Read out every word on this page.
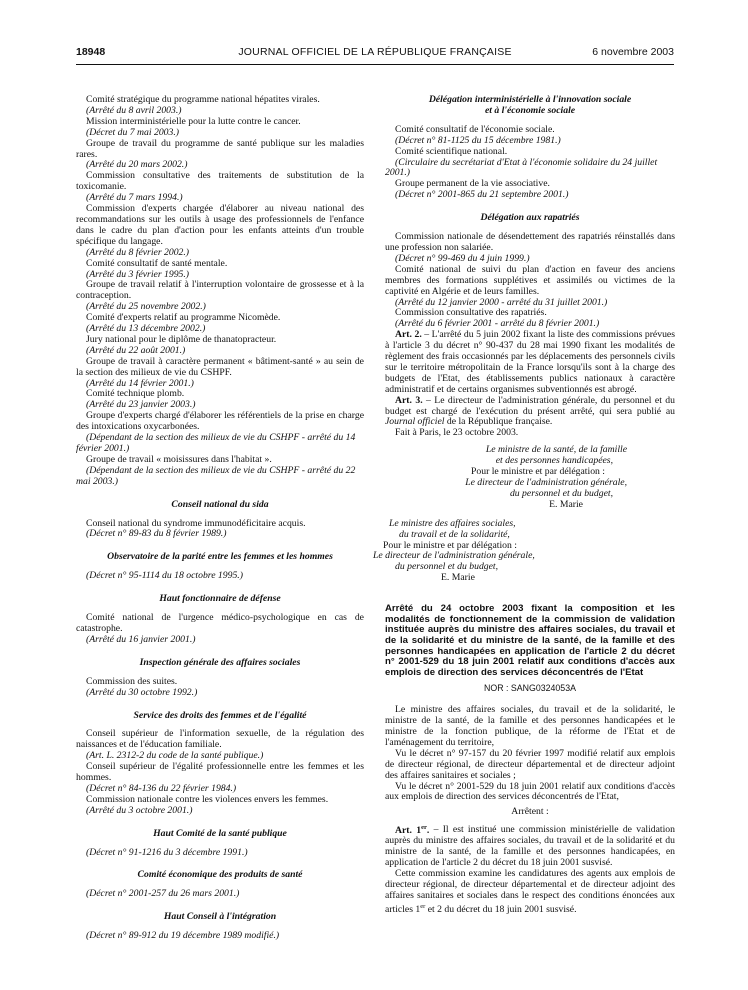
18948	JOURNAL OFFICIEL DE LA RÉPUBLIQUE FRANÇAISE	6 novembre 2003
Comité stratégique du programme national hépatites virales.
(Arrêté du 8 avril 2003.)
Mission interministérielle pour la lutte contre le cancer.
(Décret du 7 mai 2003.)
Groupe de travail du programme de santé publique sur les maladies rares.
(Arrêté du 20 mars 2002.)
Commission consultative des traitements de substitution de la toxicomanie.
(Arrêté du 7 mars 1994.)
Commission d'experts chargée d'élaborer au niveau national des recommandations sur les outils à usage des professionnels de l'enfance dans le cadre du plan d'action pour les enfants atteints d'un trouble spécifique du langage.
(Arrêté du 8 février 2002.)
Comité consultatif de santé mentale.
(Arrêté du 3 février 1995.)
Groupe de travail relatif à l'interruption volontaire de grossesse et à la contraception.
(Arrêté du 25 novembre 2002.)
Comité d'experts relatif au programme Nicomède.
(Arrêté du 13 décembre 2002.)
Jury national pour le diplôme de thanatopracteur.
(Arrêté du 22 août 2001.)
Groupe de travail à caractère permanent « bâtiment-santé » au sein de la section des milieux de vie du CSHPF.
(Arrêté du 14 février 2001.)
Comité technique plomb.
(Arrêté du 23 janvier 2003.)
Groupe d'experts chargé d'élaborer les référentiels de la prise en charge des intoxications oxycarbonées.
(Dépendant de la section des milieux de vie du CSHPF - arrêté du 14 février 2001.)
Groupe de travail « moisissures dans l'habitat ».
(Dépendant de la section des milieux de vie du CSHPF - arrêté du 22 mai 2003.)
Conseil national du sida
Conseil national du syndrome immunodéficitaire acquis.
(Décret n° 89-83 du 8 février 1989.)
Observatoire de la parité entre les femmes et les hommes
(Décret n° 95-1114 du 18 octobre 1995.)
Haut fonctionnaire de défense
Comité national de l'urgence médico-psychologique en cas de catastrophe.
(Arrêté du 16 janvier 2001.)
Inspection générale des affaires sociales
Commission des suites.
(Arrêté du 30 octobre 1992.)
Service des droits des femmes et de l'égalité
Conseil supérieur de l'information sexuelle, de la régulation des naissances et de l'éducation familiale.
(Art. L. 2312-2 du code de la santé publique.)
Conseil supérieur de l'égalité professionnelle entre les femmes et les hommes.
(Décret n° 84-136 du 22 février 1984.)
Commission nationale contre les violences envers les femmes.
(Arrêté du 3 octobre 2001.)
Haut Comité de la santé publique
(Décret n° 91-1216 du 3 décembre 1991.)
Comité économique des produits de santé
(Décret n° 2001-257 du 26 mars 2001.)
Haut Conseil à l'intégration
(Décret n° 89-912 du 19 décembre 1989 modifié.)
Délégation interministérielle à l'innovation sociale
et à l'économie sociale
Comité consultatif de l'économie sociale.
(Décret n° 81-1125 du 15 décembre 1981.)
Comité scientifique national.
(Circulaire du secrétariat d'Etat à l'économie solidaire du 24 juillet 2001.)
Groupe permanent de la vie associative.
(Décret n° 2001-865 du 21 septembre 2001.)
Délégation aux rapatriés
Commission nationale de désendettement des rapatriés réinstallés dans une profession non salariée.
(Décret n° 99-469 du 4 juin 1999.)
Comité national de suivi du plan d'action en faveur des anciens membres des formations supplétives et assimilés ou victimes de la captivité en Algérie et de leurs familles.
(Arrêté du 12 janvier 2000 - arrêté du 31 juillet 2001.)
Commission consultative des rapatriés.
(Arrêté du 6 février 2001 - arrêté du 8 février 2001.)
Art. 2. – L'arrêté du 5 juin 2002 fixant la liste des commissions prévues à l'article 3 du décret n° 90-437 du 28 mai 1990 fixant les modalités de règlement des frais occasionnés par les déplacements des personnels civils sur le territoire métropolitain de la France lorsqu'ils sont à la charge des budgets de l'Etat, des établissements publics nationaux à caractère administratif et de certains organismes subventionnés est abrogé.
Art. 3. – Le directeur de l'administration générale, du personnel et du budget est chargé de l'exécution du présent arrêté, qui sera publié au Journal officiel de la République française.
Fait à Paris, le 23 octobre 2003.
Le ministre de la santé, de la famille
et des personnes handicapées,
Pour le ministre et par délégation :
Le directeur de l'administration générale,
du personnel et du budget,
E. Marie
Le ministre des affaires sociales,
du travail et de la solidarité,
Pour le ministre et par délégation :
Le directeur de l'administration générale,
du personnel et du budget,
E. Marie
Arrêté du 24 octobre 2003 fixant la composition et les modalités de fonctionnement de la commission de validation instituée auprès du ministre des affaires sociales, du travail et de la solidarité et du ministre de la santé, de la famille et des personnes handicapées en application de l'article 2 du décret n° 2001-529 du 18 juin 2001 relatif aux conditions d'accès aux emplois de direction des services déconcentrés de l'Etat
NOR : SANG0324053A
Le ministre des affaires sociales, du travail et de la solidarité, le ministre de la santé, de la famille et des personnes handicapées et le ministre de la fonction publique, de la réforme de l'Etat et de l'aménagement du territoire,
Vu le décret n° 97-157 du 20 février 1997 modifié relatif aux emplois de directeur régional, de directeur départemental et de directeur adjoint des affaires sanitaires et sociales ;
Vu le décret n° 2001-529 du 18 juin 2001 relatif aux conditions d'accès aux emplois de direction des services déconcentrés de l'Etat,
Arrêtent :
Art. 1er. – Il est institué une commission ministérielle de validation auprès du ministre des affaires sociales, du travail et de la solidarité et du ministre de la santé, de la famille et des personnes handicapées, en application de l'article 2 du décret du 18 juin 2001 susvisé.
Cette commission examine les candidatures des agents aux emplois de directeur régional, de directeur départemental et de directeur adjoint des affaires sanitaires et sociales dans le respect des conditions énoncées aux articles 1er et 2 du décret du 18 juin 2001 susvisé.
